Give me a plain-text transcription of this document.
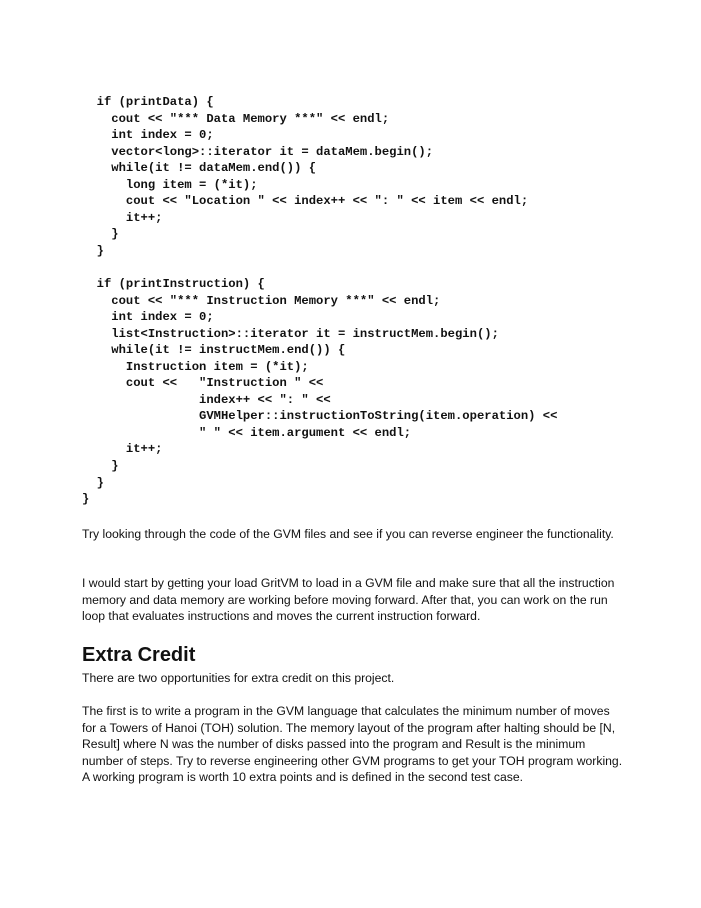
if (printData) {
cout << "*** Data Memory ***" << endl;
int index = 0;
vector<long>::iterator it = dataMem.begin();
while(it != dataMem.end()) {
long item = (*it);
cout << "Location " << index++ << ": " << item << endl;
it++;
}
}
if (printInstruction) {
cout << "*** Instruction Memory ***" << endl;
int index = 0;
list<Instruction>::iterator it = instructMem.begin();
while(it != instructMem.end()) {
Instruction item = (*it);
cout <<   "Instruction " <<
index++ << ": " <<
GVMHelper::instructionToString(item.operation) <<
" " << item.argument << endl;
it++;
}
}
}

Try looking through the code of the GVM files and see if you can reverse engineer the functionality.

I would start by getting your load GritVM to load in a GVM file and make sure that all the instruction memory and data memory are working before moving forward. After that, you can work on the run loop that evaluates instructions and moves the current instruction forward.

Extra Credit

There are two opportunities for extra credit on this project.

The first is to write a program in the GVM language that calculates the minimum number of moves for a Towers of Hanoi (TOH) solution. The memory layout of the program after halting should be [N, Result] where N was the number of disks passed into the program and Result is the minimum number of steps. Try to reverse engineering other GVM programs to get your TOH program working. A working program is worth 10 extra points and is defined in the second test case.
